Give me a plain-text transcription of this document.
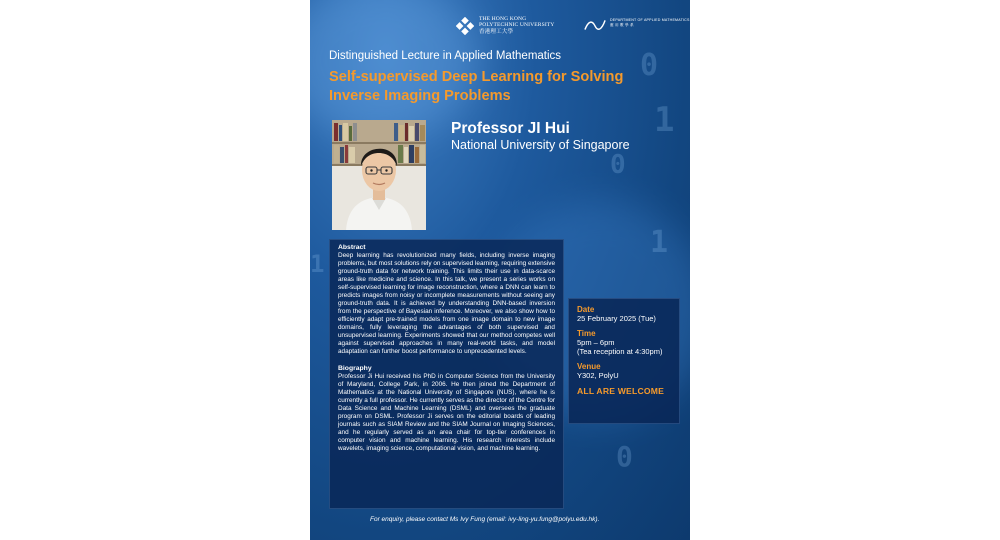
0
1
0
1
0
1
THE HONG KONG
POLYTECHNIC UNIVERSITY
香港理工大學
DEPARTMENT OF APPLIED MATHEMATICS
應 用 數 學 系
Distinguished Lecture in Applied Mathematics
Self-supervised Deep Learning for Solving
Inverse Imaging Problems
Professor JI Hui
National University of Singapore

Abstract

Deep learning has revolutionized many fields, including inverse imaging problems, but most solutions rely on supervised learning, requiring extensive ground-truth data for network training. This limits their use in data-scarce areas like medicine and science. In this talk, we present a series works on self-supervised learning for image reconstruction, where a DNN can learn to predicts images from noisy or incomplete measurements without seeing any ground-truth data. It is achieved by understanding DNN-based inversion from the perspective of Bayesian inference. Moreover, we also show how to efficiently adapt pre-trained models from one image domain to new image domains, fully leveraging the advantages of both supervised and unsupervised learning. Experiments showed that our method competes well against supervised approaches in many real-world tasks, and model adaptation can further boost performance to unprecedented levels.

Biography

Professor Ji Hui received his PhD in Computer Science from the University of Maryland, College Park, in 2006. He then joined the Department of Mathematics at the National University of Singapore (NUS), where he is currently a full professor. He currently serves as the director of the Centre for Data Science and Machine Learning (DSML) and oversees the graduate program on DSML. Professor Ji serves on the editorial boards of leading journals such as SIAM Review and the SIAM Journal on Imaging Sciences, and he regularly served as an area chair for top-tier conferences in computer vision and machine learning. His research interests include wavelets, imaging science, computational vision, and machine learning.

Date

25 February 2025 (Tue)

Time

5pm – 6pm
(Tea reception at 4:30pm)

Venue

Y302, PolyU

ALL ARE WELCOME
For enquiry, please contact Ms Ivy Fung (email: ivy-ling-yu.fung@polyu.edu.hk).
